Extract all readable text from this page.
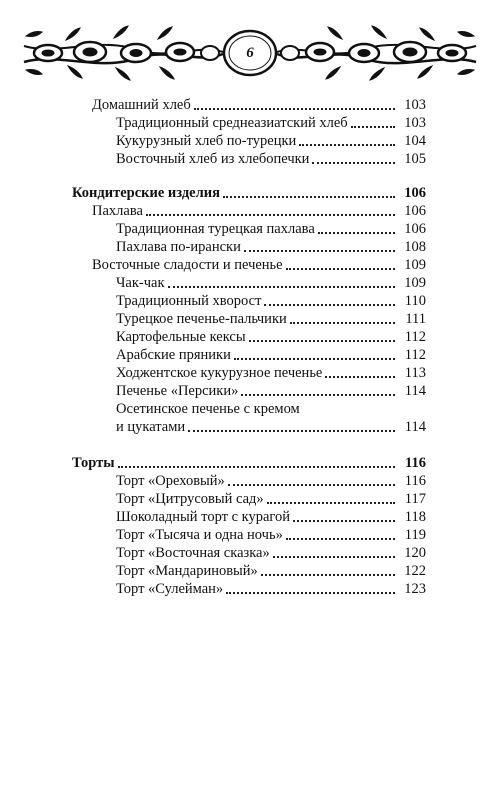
6
Домашний хлеб	103
Традиционный среднеазиатский хлеб	103
Кукурузный хлеб по-турецки	104
Восточный хлеб из хлебопечки	105
Кондитерские изделия	106
Пахлава	106
Традиционная турецкая пахлава	106
Пахлава по-ирански	108
Восточные сладости и печенье	109
Чак-чак	109
Традиционный хворост	110
Турецкое печенье-пальчики	111
Картофельные кексы	112
Арабские пряники	112
Ходжентское кукурузное печенье	113
Печенье «Персики»	114
Осетинское печенье с кремом
и цукатами	114
Торты	116
Торт «Ореховый»	116
Торт «Цитрусовый сад»	117
Шоколадный торт с курагой	118
Торт «Тысяча и одна ночь»	119
Торт «Восточная сказка»	120
Торт «Мандариновый»	122
Торт «Сулейман»	123
